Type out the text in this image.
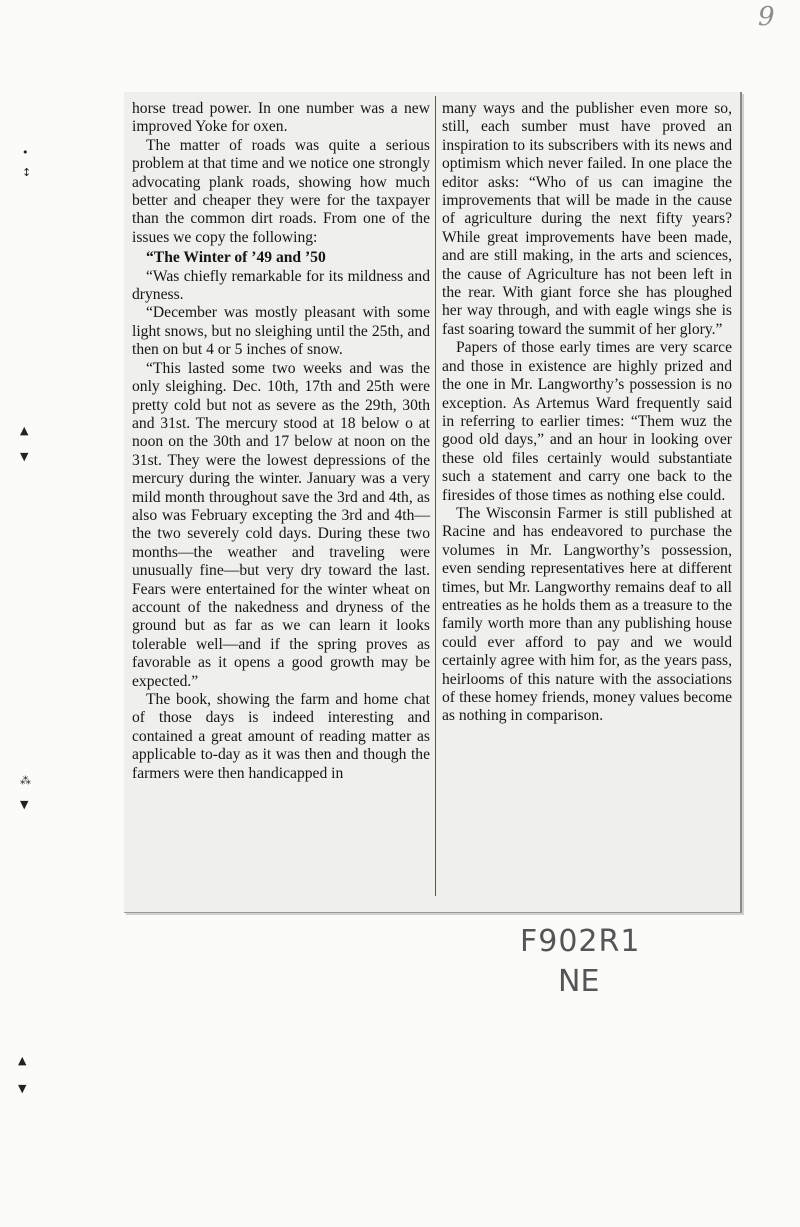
9
•
↕
▲
▼
⁂
▼
▲
▼

horse tread power. In one number was a new improved Yoke for oxen.

The matter of roads was quite a serious problem at that time and we notice one strongly advocating plank roads, showing how much better and cheaper they were for the taxpayer than the common dirt roads. From one of the issues we copy the following:

“The Winter of ’49 and ’50

“Was chiefly remarkable for its mildness and dryness.

“December was mostly pleasant with some light snows, but no sleighing until the 25th, and then on but 4 or 5 inches of snow.

“This lasted some two weeks and was the only sleighing. Dec. 10th, 17th and 25th were pretty cold but not as severe as the 29th, 30th and 31st. The mercury stood at 18 below o at noon on the 30th and 17 below at noon on the 31st. They were the lowest depressions of the mercury during the winter. January was a very mild month throughout save the 3rd and 4th, as also was February excepting the 3rd and 4th—the two severely cold days. During these two months—the weather and traveling were unusually fine—but very dry toward the last. Fears were entertained for the winter wheat on account of the nakedness and dryness of the ground but as far as we can learn it looks tolerable well—and if the spring proves as favorable as it opens a good growth may be expected.”

The book, showing the farm and home chat of those days is indeed interesting and contained a great amount of reading matter as applicable to-day as it was then and though the farmers were then handicapped in

many ways and the publisher even more so, still, each sumber must have proved an inspiration to its subscribers with its news and optimism which never failed. In one place the editor asks: “Who of us can imagine the improvements that will be made in the cause of agriculture during the next fifty years? While great improvements have been made, and are still making, in the arts and sciences, the cause of Agriculture has not been left in the rear. With giant force she has ploughed her way through, and with eagle wings she is fast soaring toward the summit of her glory.”

Papers of those early times are very scarce and those in existence are highly prized and the one in Mr. Langworthy’s possession is no exception. As Artemus Ward frequently said in referring to earlier times: “Them wuz the good old days,” and an hour in looking over these old files certainly would substantiate such a statement and carry one back to the firesides of those times as nothing else could.

The Wisconsin Farmer is still published at Racine and has endeavored to purchase the volumes in Mr. Langworthy’s possession, even sending representatives here at different times, but Mr. Langworthy remains deaf to all entreaties as he holds them as a treasure to the family worth more than any publishing house could ever afford to pay and we would certainly agree with him for, as the years pass, heirlooms of this nature with the associations of these homey friends, money values become as nothing in comparison.

F902R1
NE
